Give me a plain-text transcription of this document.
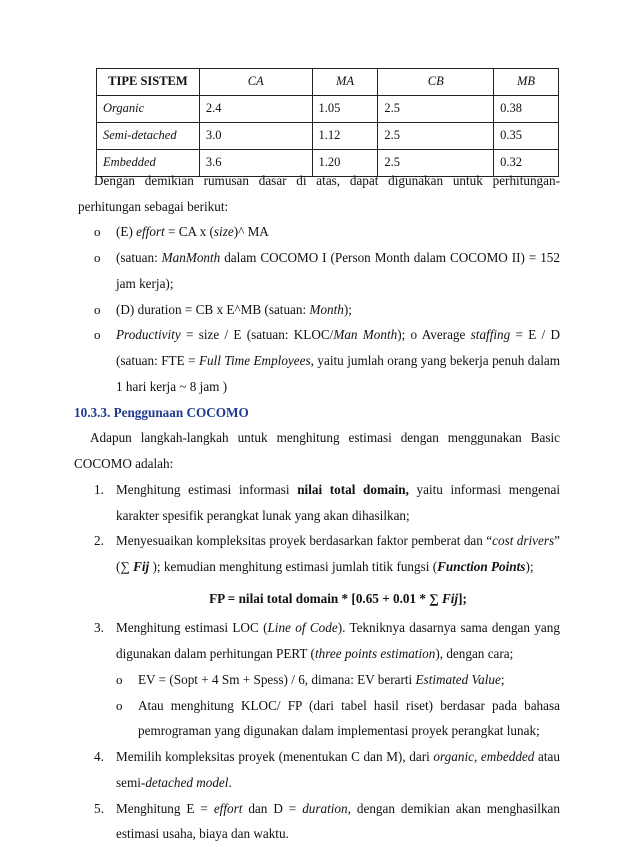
TIPE SISTEM	CA	MA	CB	MB
Organic	2.4	1.05	2.5	0.38
Semi-detached	3.0	1.12	2.5	0.35
Embedded	3.6	1.20	2.5	0.32

Dengan demikian rumusan dasar di atas, dapat digunakan untuk perhitungan-perhitungan sebagai berikut:

o (E) effort = CA x (size)^ MA
o (satuan: ManMonth dalam COCOMO I (Person Month dalam COCOMO II) = 152 jam kerja);
o (D) duration = CB x E^MB (satuan: Month);
o Productivity = size / E (satuan: KLOC/Man Month); o Average staffing = E / D (satuan: FTE = Full Time Employees, yaitu jumlah orang yang bekerja penuh dalam 1 hari kerja ~ 8 jam )

10.3.3. Penggunaan COCOMO

Adapun langkah-langkah untuk menghitung estimasi dengan menggunakan Basic COCOMO adalah:

1. Menghitung estimasi informasi nilai total domain, yaitu informasi mengenai karakter spesifik perangkat lunak yang akan dihasilkan;
2. Menyesuaikan kompleksitas proyek berdasarkan faktor pemberat dan “cost drivers” (∑ Fij ); kemudian menghitung estimasi jumlah titik fungsi (Function Points);
FP = nilai total domain * [0.65 + 0.01 * ∑ Fij];
3. Menghitung estimasi LOC (Line of Code). Tekniknya dasarnya sama dengan yang digunakan dalam perhitungan PERT (three points estimation), dengan cara;
o EV = (Sopt + 4 Sm + Spess) / 6, dimana: EV berarti Estimated Value;
o Atau menghitung KLOC/ FP (dari tabel hasil riset) berdasar pada bahasa pemrograman yang digunakan dalam implementasi proyek perangkat lunak;
4. Memilih kompleksitas proyek (menentukan C dan M), dari organic, embedded atau semi-detached model.
5. Menghitung E = effort dan D = duration, dengan demikian akan menghasilkan estimasi usaha, biaya dan waktu.
